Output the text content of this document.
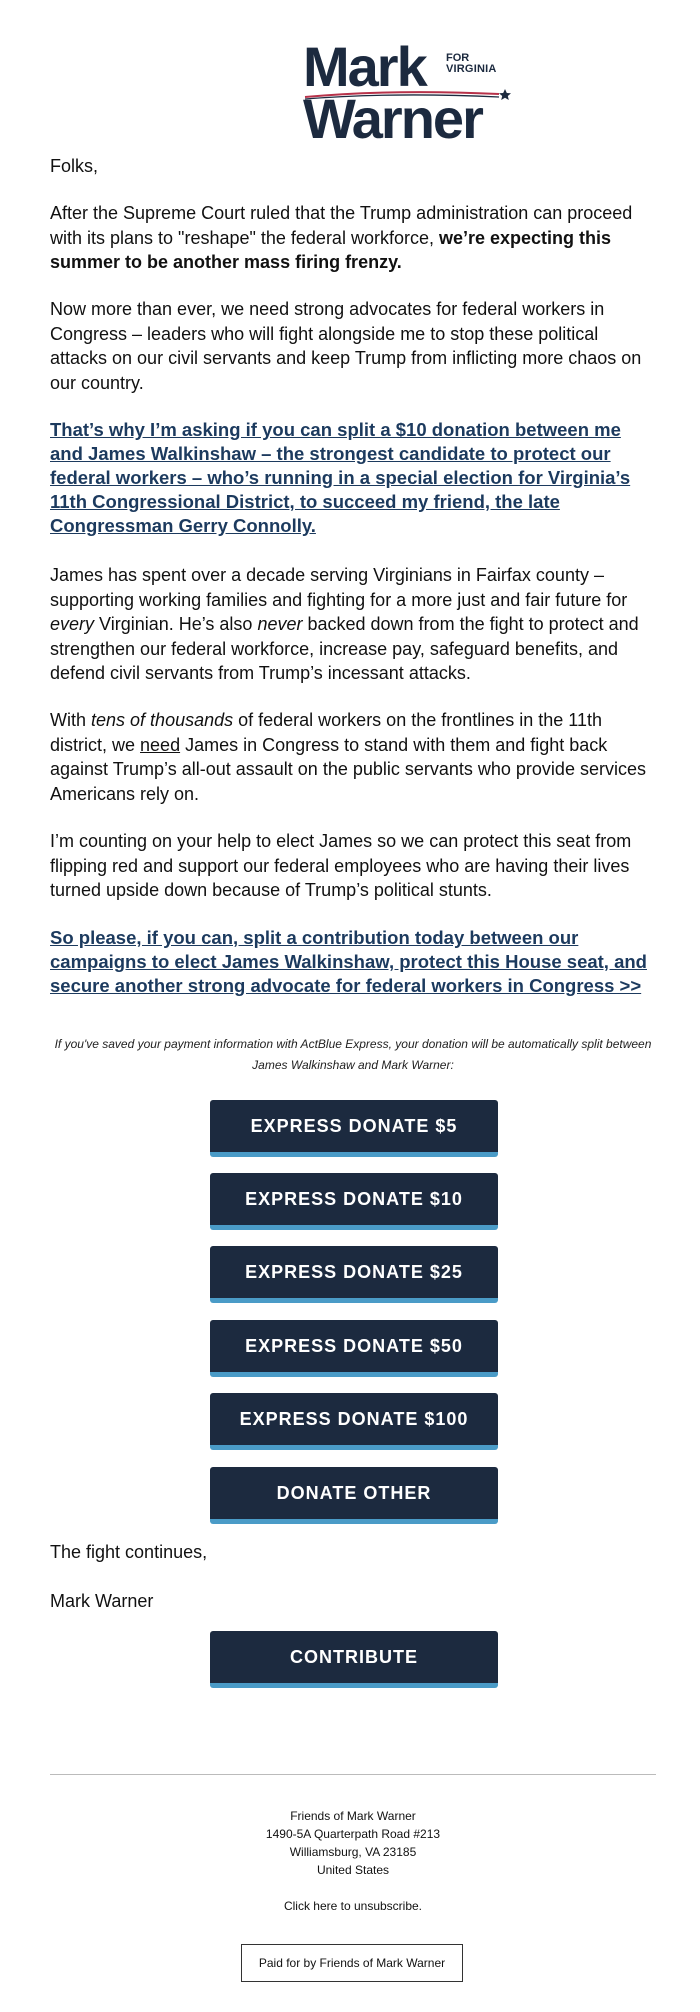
Mark FOR
VIRGINIA
Warner

Folks,

After the Supreme Court ruled that the Trump administration can proceed with its plans to "reshape" the federal workforce, we’re expecting this summer to be another mass firing frenzy.

Now more than ever, we need strong advocates for federal workers in Congress – leaders who will fight alongside me to stop these political attacks on our civil servants and keep Trump from inflicting more chaos on our country.

That’s why I’m asking if you can split a $10 donation between me and James Walkinshaw – the strongest candidate to protect our federal workers – who’s running in a special election for Virginia’s 11th Congressional District, to succeed my friend, the late Congressman Gerry Connolly.

James has spent over a decade serving Virginians in Fairfax county – supporting working families and fighting for a more just and fair future for every Virginian. He’s also never backed down from the fight to protect and strengthen our federal workforce, increase pay, safeguard benefits, and defend civil servants from Trump’s incessant attacks.

With tens of thousands of federal workers on the frontlines in the 11th district, we need James in Congress to stand with them and fight back against Trump’s all-out assault on the public servants who provide services Americans rely on.

I’m counting on your help to elect James so we can protect this seat from flipping red and support our federal employees who are having their lives turned upside down because of Trump’s political stunts.

So please, if you can, split a contribution today between our campaigns to elect James Walkinshaw, protect this House seat, and secure another strong advocate for federal workers in Congress >>

If you've saved your payment information with ActBlue Express, your donation will be automatically split between James Walkinshaw and Mark Warner:
EXPRESS DONATE $5
EXPRESS DONATE $10
EXPRESS DONATE $25
EXPRESS DONATE $50
EXPRESS DONATE $100
DONATE OTHER

The fight continues,

Mark Warner

CONTRIBUTE
Friends of Mark Warner
1490-5A Quarterpath Road #213
Williamsburg, VA 23185
United States
Click here to unsubscribe.
Paid for by Friends of Mark Warner
